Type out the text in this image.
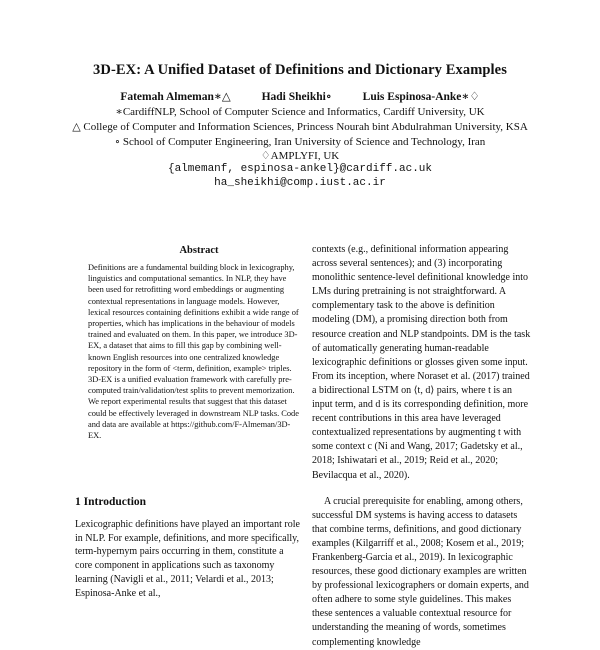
3D-EX: A Unified Dataset of Definitions and Dictionary Examples
Fatemah Almeman∗△	Hadi Sheikhi∘	Luis Espinosa-Anke∗♢
∗CardiffNLP, School of Computer Science and Informatics, Cardiff University, UK
△ College of Computer and Information Sciences, Princess Nourah bint Abdulrahman University, KSA
∘ School of Computer Engineering, Iran University of Science and Technology, Iran
♢AMPLYFI, UK
{almemanf, espinosa-ankel}@cardiff.ac.uk
ha_sheikhi@comp.iust.ac.ir
Abstract

Definitions are a fundamental building block in lexicography, linguistics and computational semantics. In NLP, they have been used for retrofitting word embeddings or augmenting contextual representations in language models. However, lexical resources containing definitions exhibit a wide range of properties, which has implications in the behaviour of models trained and evaluated on them. In this paper, we introduce 3D-EX, a dataset that aims to fill this gap by combining well-known English resources into one centralized knowledge repository in the form of <term, definition, example> triples. 3D-EX is a unified evaluation framework with carefully pre-computed train/validation/test splits to prevent memorization. We report experimental results that suggest that this dataset could be effectively leveraged in downstream NLP tasks. Code and data are available at https://github.com/F-Almeman/3D-EX.

1 Introduction

Lexicographic definitions have played an important role in NLP. For example, definitions, and more specifically, term-hypernym pairs occurring in them, constitute a core component in applications such as taxonomy learning (Navigli et al., 2011; Velardi et al., 2013; Espinosa-Anke et al.,

contexts (e.g., definitional information appearing across several sentences); and (3) incorporating monolithic sentence-level definitional knowledge into LMs during pretraining is not straightforward. A complementary task to the above is definition modeling (DM), a promising direction both from resource creation and NLP standpoints. DM is the task of automatically generating human-readable lexicographic definitions or glosses given some input. From its inception, where Noraset et al. (2017) trained a bidirectional LSTM on ⟨t, d⟩ pairs, where t is an input term, and d is its corresponding definition, more recent contributions in this area have leveraged contextualized representations by augmenting t with some context c (Ni and Wang, 2017; Gadetsky et al., 2018; Ishiwatari et al., 2019; Reid et al., 2020; Bevilacqua et al., 2020).

A crucial prerequisite for enabling, among others, successful DM systems is having access to datasets that combine terms, definitions, and good dictionary examples (Kilgarriff et al., 2008; Kosem et al., 2019; Frankenberg-Garcia et al., 2019). In lexicographic resources, these good dictionary examples are written by professional lexicographers or domain experts, and often adhere to some style guidelines. This makes these sentences a valuable contextual resource for understanding the meaning of words, sometimes complementing knowledge
